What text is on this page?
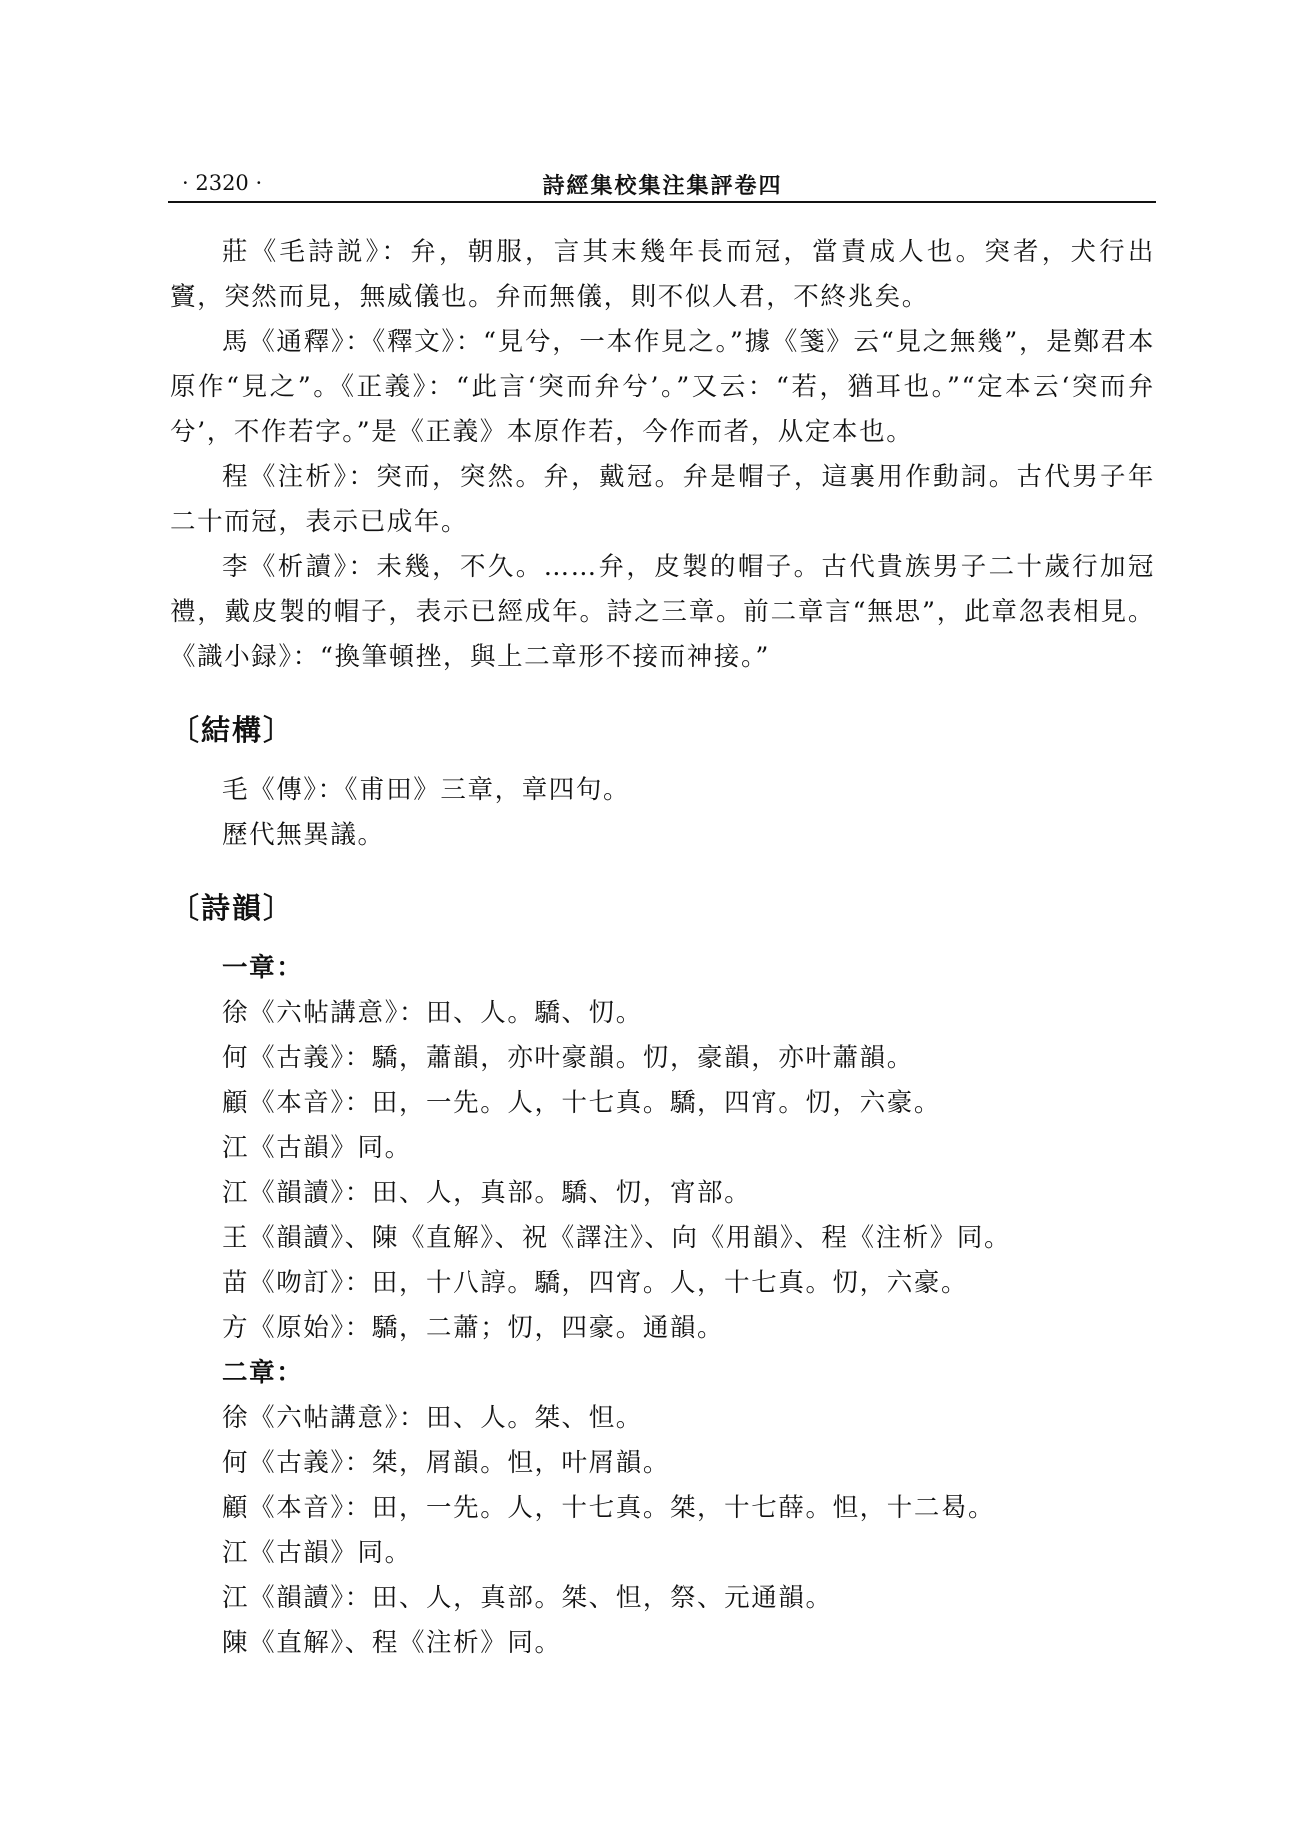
· 2320 ·	詩經集校集注集評卷四

莊《毛詩説》：弁，朝服，言其末幾年長而冠，當責成人也。突者，犬行出竇，突然而見，無威儀也。弁而無儀，則不似人君，不終兆矣。

馬《通釋》：《釋文》：“見兮，一本作見之。”據《箋》云“見之無幾”，是鄭君本原作“見之”。《正義》：“此言‘突而弁兮’。”又云：“若，猶耳也。”“定本云‘突而弁兮’，不作若字。”是《正義》本原作若，今作而者，从定本也。

程《注析》：突而，突然。弁，戴冠。弁是帽子，這裏用作動詞。古代男子年二十而冠，表示已成年。

李《析讀》：未幾，不久。……弁，皮製的帽子。古代貴族男子二十歲行加冠禮，戴皮製的帽子，表示已經成年。詩之三章。前二章言“無思”，此章忽表相見。《識小録》：“換筆頓挫，與上二章形不接而神接。”

〔結構〕
毛《傳》：《甫田》三章，章四句。
歷代無異議。
〔詩韻〕
一章：
徐《六帖講意》：田、人。驕、忉。
何《古義》：驕，蕭韻，亦叶豪韻。忉，豪韻，亦叶蕭韻。
顧《本音》：田，一先。人，十七真。驕，四宵。忉，六豪。
江《古韻》同。
江《韻讀》：田、人，真部。驕、忉，宵部。
王《韻讀》、陳《直解》、祝《譯注》、向《用韻》、程《注析》同。
苗《吻訂》：田，十八諄。驕，四宵。人，十七真。忉，六豪。
方《原始》：驕，二蕭；忉，四豪。通韻。
二章：
徐《六帖講意》：田、人。桀、怛。
何《古義》：桀，屑韻。怛，叶屑韻。
顧《本音》：田，一先。人，十七真。桀，十七薛。怛，十二曷。
江《古韻》同。
江《韻讀》：田、人，真部。桀、怛，祭、元通韻。
陳《直解》、程《注析》同。
